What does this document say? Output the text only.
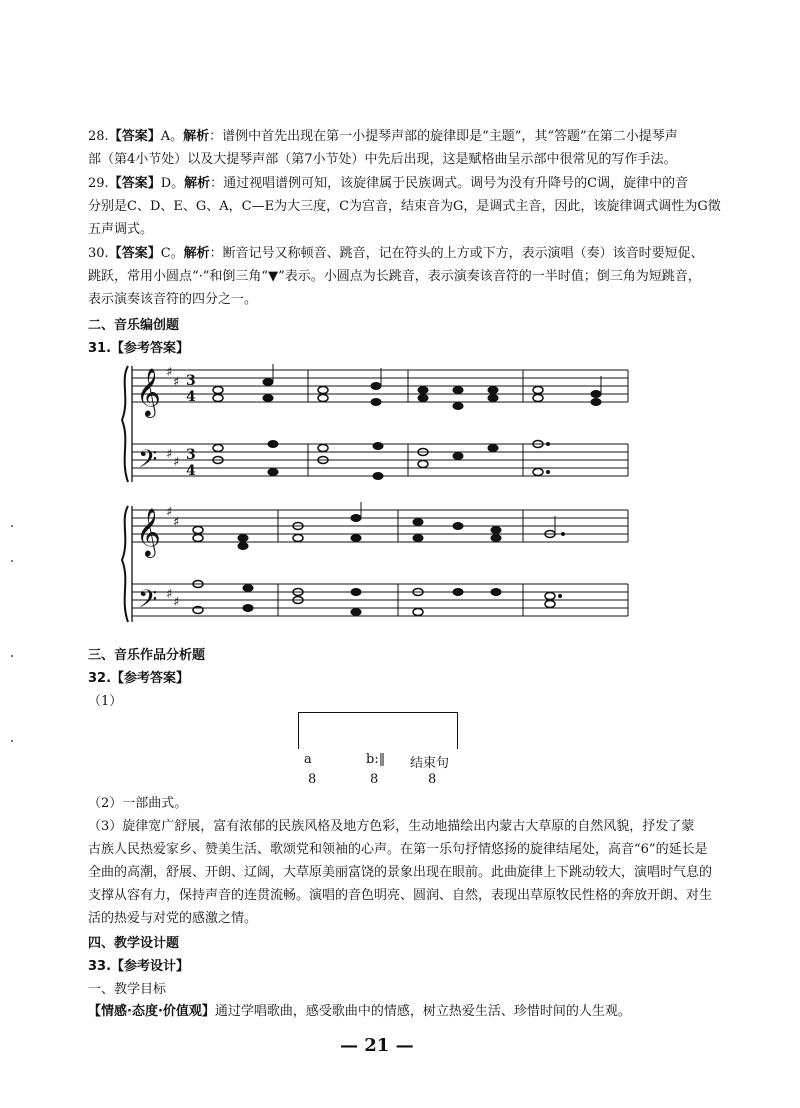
28.【答案】A。解析：谱例中首先出现在第一小提琴声部的旋律即是“主题”，其“答题”在第二小提琴声
部（第4小节处）以及大提琴声部（第7小节处）中先后出现，这是赋格曲呈示部中很常见的写作手法。
29.【答案】D。解析：通过视唱谱例可知，该旋律属于民族调式。调号为没有升降号的C调，旋律中的音
分别是C、D、E、G、A，C—E为大三度，C为宫音，结束音为G，是调式主音，因此，该旋律调式调性为G徵
五声调式。
30.【答案】C。解析：断音记号又称顿音、跳音，记在符头的上方或下方，表示演唱（奏）该音时要短促、
跳跃，常用小圆点“·”和倒三角“▼”表示。小圆点为长跳音，表示演奏该音符的一半时值；倒三角为短跳音，
表示演奏该音符的四分之一。
二、音乐编创题
31.【参考答案】
𝄞
𝄢
♯
♯
♯
♯
3
4
3
4
𝄞
𝄢
♯
♯
♯
♯
三、音乐作品分析题
32.【参考答案】
（1）
a	b:‖ 结束句
8	8	8
（2）一部曲式。
（3）旋律宽广舒展，富有浓郁的民族风格及地方色彩，生动地描绘出内蒙古大草原的自然风貌，抒发了蒙
古族人民热爱家乡、赞美生活、歌颂党和领袖的心声。在第一乐句抒情悠扬的旋律结尾处，高音“6”的延长是
全曲的高潮，舒展、开朗、辽阔，大草原美丽富饶的景象出现在眼前。此曲旋律上下跳动较大，演唱时气息的
支撑从容有力，保持声音的连贯流畅。演唱的音色明亮、圆润、自然，表现出草原牧民性格的奔放开朗、对生
活的热爱与对党的感激之情。
四、教学设计题
33.【参考设计】
一、教学目标
【情感·态度·价值观】通过学唱歌曲，感受歌曲中的情感，树立热爱生活、珍惜时间的人生观。
— 21 —
